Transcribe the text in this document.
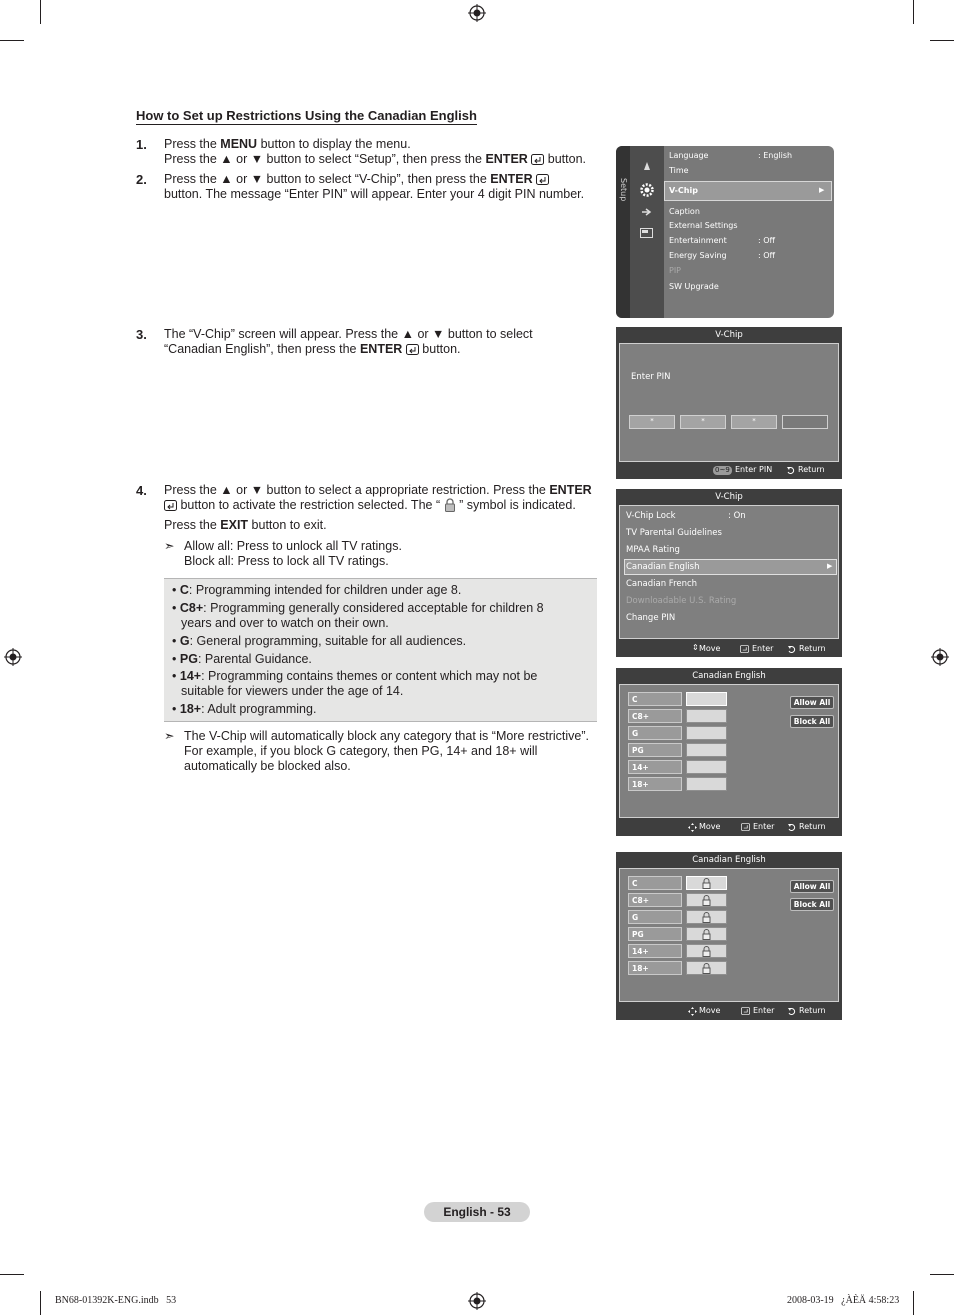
How to Set up Restrictions Using the Canadian English
1. Press the MENU button to display the menu.
Press the ▲ or ▼ button to select “Setup”, then press the ENTER  button.
2. Press the ▲ or ▼ button to select “V-Chip”, then press the ENTER
button. The message “Enter PIN” will appear. Enter your 4 digit PIN number.
3. The “V-Chip” screen will appear. Press the ▲ or ▼ button to select
“Canadian English”, then press the ENTER  button.
4. Press the ▲ or ▼ button to select a appropriate restriction. Press the ENTER
button to activate the restriction selected. The “ ” symbol is indicated.
Press the EXIT button to exit.
➣ Allow all: Press to unlock all TV ratings.
Block all: Press to lock all TV ratings.
• C: Programming intended for children under age 8.
• C8+: Programming generally considered acceptable for children 8
years and over to watch on their own.
• G: General programming, suitable for all audiences.
• PG: Parental Guidance.
• 14+: Programming contains themes or content which may not be
suitable for viewers under the age of 14.
• 18+: Adult programming.
➣ The V-Chip will automatically block any category that is “More restrictive”.
For example, if you block G category, then PG, 14+ and 18+ will
automatically be blocked also.
Setup
Language	: English
Time
V-Chip	▶
Caption
External Settings
Entertainment	: Off
Energy Saving	: Off
PIP
SW Upgrade
V-Chip
Enter PIN
*	*	*
0~9 Enter PIN	Return
V-Chip
V-Chip Lock	: On
TV Parental Guidelines
MPAA Rating
Canadian English	▶
Canadian French
Downloadable U.S. Rating
Change PIN
⇕ Move	Enter	Return
Canadian English
C
C8+
G
PG
14+
18+
Allow All
Block All
Move	Enter	Return
Canadian English
C
C8+
G
PG
14+
18+
Allow All
Block All
Move	Enter	Return
English - 53
BN68-01392K-ENG.indb   53	2008-03-19   ¿ÀÈÄ 4:58:23
